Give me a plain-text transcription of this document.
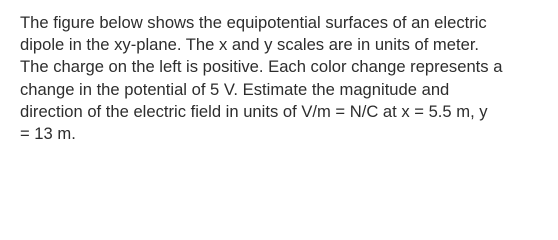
The figure below shows the equipotential surfaces of an electric
dipole in the xy-plane. The x and y scales are in units of meter.
The charge on the left is positive. Each color change represents a
change in the potential of 5 V. Estimate the magnitude and
direction of the electric field in units of V/m = N/C at x = 5.5 m, y
= 13 m.
